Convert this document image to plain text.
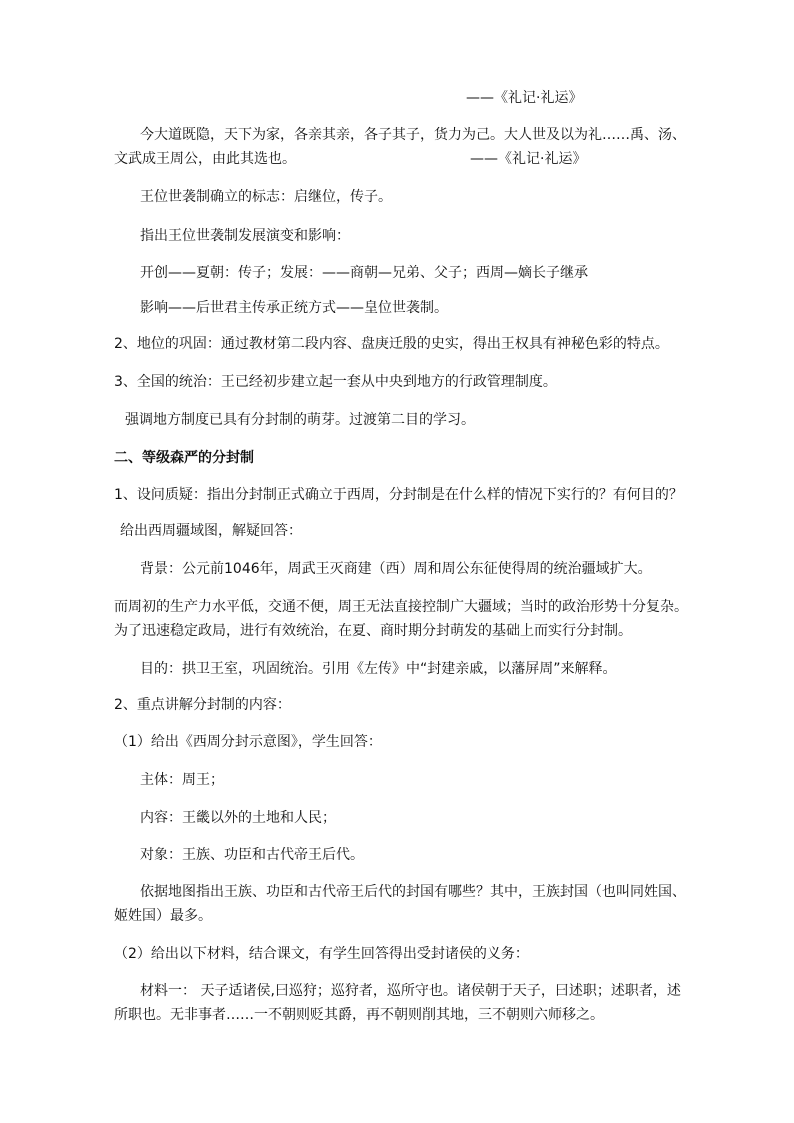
——《礼记·礼运》
今大道既隐，天下为家，各亲其亲，各子其子，货力为己。大人世及以为礼……禹、汤、
文武成王周公，由此其选也。	——《礼记·礼运》
王位世袭制确立的标志：启继位，传子。
指出王位世袭制发展演变和影响：
开创——夏朝：传子；发展：——商朝—兄弟、父子；西周—嫡长子继承
影响——后世君主传承正统方式——皇位世袭制。
2、地位的巩固：通过教材第二段内容、盘庚迁殷的史实，得出王权具有神秘色彩的特点。
3、全国的统治：王已经初步建立起一套从中央到地方的行政管理制度。
强调地方制度已具有分封制的萌芽。过渡第二目的学习。
二、等级森严的分封制
1、设问质疑：指出分封制正式确立于西周，分封制是在什么样的情况下实行的？有何目的？
给出西周疆域图，解疑回答：
背景：公元前1046年，周武王灭商建（西）周和周公东征使得周的统治疆域扩大。
而周初的生产力水平低，交通不便，周王无法直接控制广大疆域；当时的政治形势十分复杂。
为了迅速稳定政局，进行有效统治，在夏、商时期分封萌发的基础上而实行分封制。
目的：拱卫王室，巩固统治。引用《左传》中“封建亲戚，以藩屏周”来解释。
2、重点讲解分封制的内容：
（1）给出《西周分封示意图》，学生回答：
主体：周王；
内容：王畿以外的土地和人民；
对象：王族、功臣和古代帝王后代。
依据地图指出王族、功臣和古代帝王后代的封国有哪些？其中，王族封国（也叫同姓国、
姬姓国）最多。
（2）给出以下材料，结合课文，有学生回答得出受封诸侯的义务：
材料一： 天子适诸侯,曰巡狩；巡狩者，巡所守也。诸侯朝于天子，曰述职；述职者，述
所职也。无非事者……一不朝则贬其爵，再不朝则削其地，三不朝则六师移之。
